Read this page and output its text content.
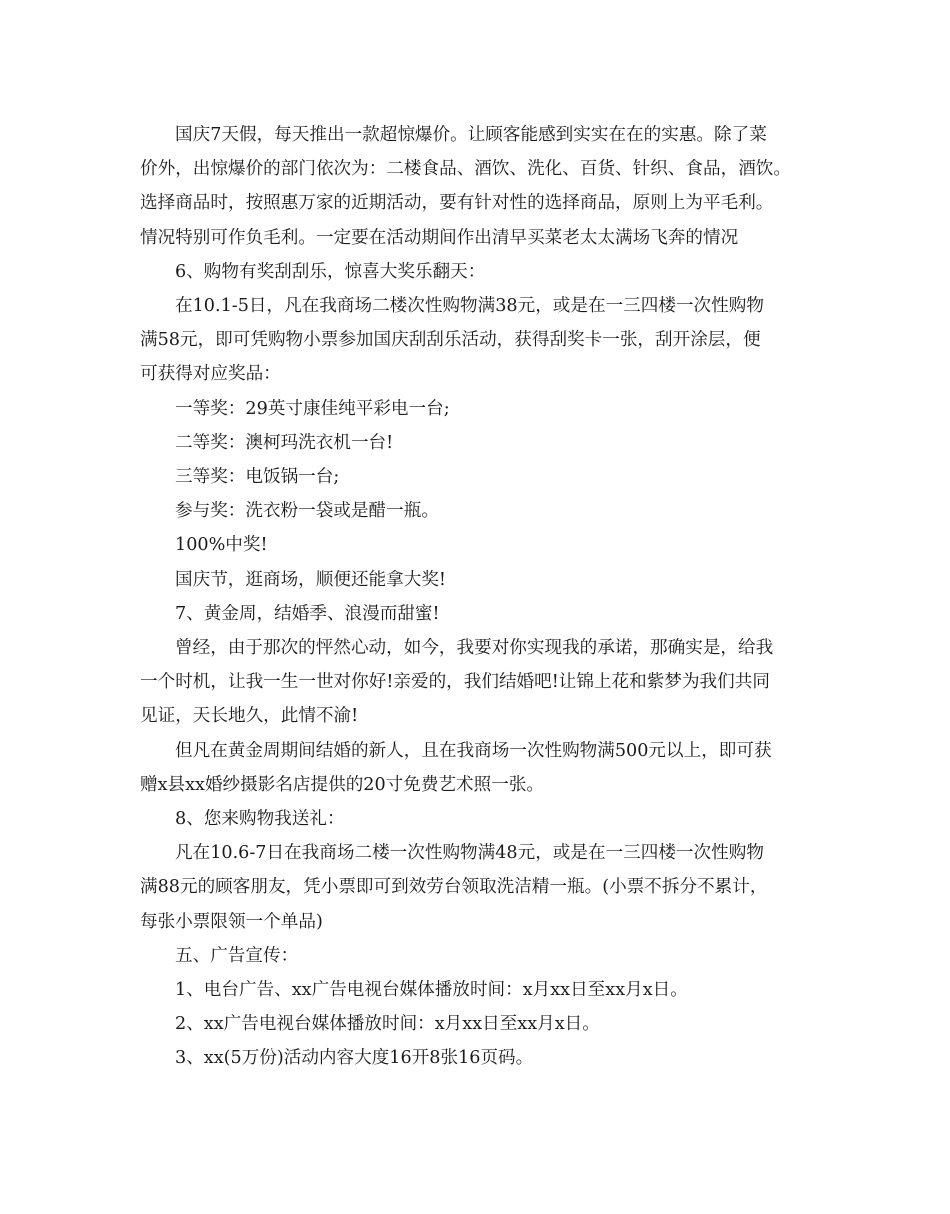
国庆7天假，每天推出一款超惊爆价。让顾客能感到实实在在的实惠。除了菜
价外，出惊爆价的部门依次为：二楼食品、酒饮、洗化、百货、针织、食品，酒饮。
选择商品时，按照惠万家的近期活动，要有针对性的选择商品，原则上为平毛利。
情况特别可作负毛利。一定要在活动期间作出清早买菜老太太满场飞奔的情况
6、购物有奖刮刮乐，惊喜大奖乐翻天：
在10.1-5日，凡在我商场二楼次性购物满38元，或是在一三四楼一次性购物
满58元，即可凭购物小票参加国庆刮刮乐活动，获得刮奖卡一张，刮开涂层，便
可获得对应奖品：
一等奖：29英寸康佳纯平彩电一台;
二等奖：澳柯玛洗衣机一台!
三等奖：电饭锅一台;
参与奖：洗衣粉一袋或是醋一瓶。
100%中奖!
国庆节，逛商场，顺便还能拿大奖!
7、黄金周，结婚季、浪漫而甜蜜!
曾经，由于那次的怦然心动，如今，我要对你实现我的承诺，那确实是，给我
一个时机，让我一生一世对你好!亲爱的，我们结婚吧!让锦上花和紫梦为我们共同
见证，天长地久，此情不渝!
但凡在黄金周期间结婚的新人，且在我商场一次性购物满500元以上，即可获
赠x县xx婚纱摄影名店提供的20寸免费艺术照一张。
8、您来购物我送礼：
凡在10.6-7日在我商场二楼一次性购物满48元，或是在一三四楼一次性购物
满88元的顾客朋友，凭小票即可到效劳台领取洗洁精一瓶。(小票不拆分不累计，
每张小票限领一个单品)
五、广告宣传：
1、电台广告、xx广告电视台媒体播放时间：x月xx日至xx月x日。
2、xx广告电视台媒体播放时间：x月xx日至xx月x日。
3、xx(5万份)活动内容大度16开8张16页码。
